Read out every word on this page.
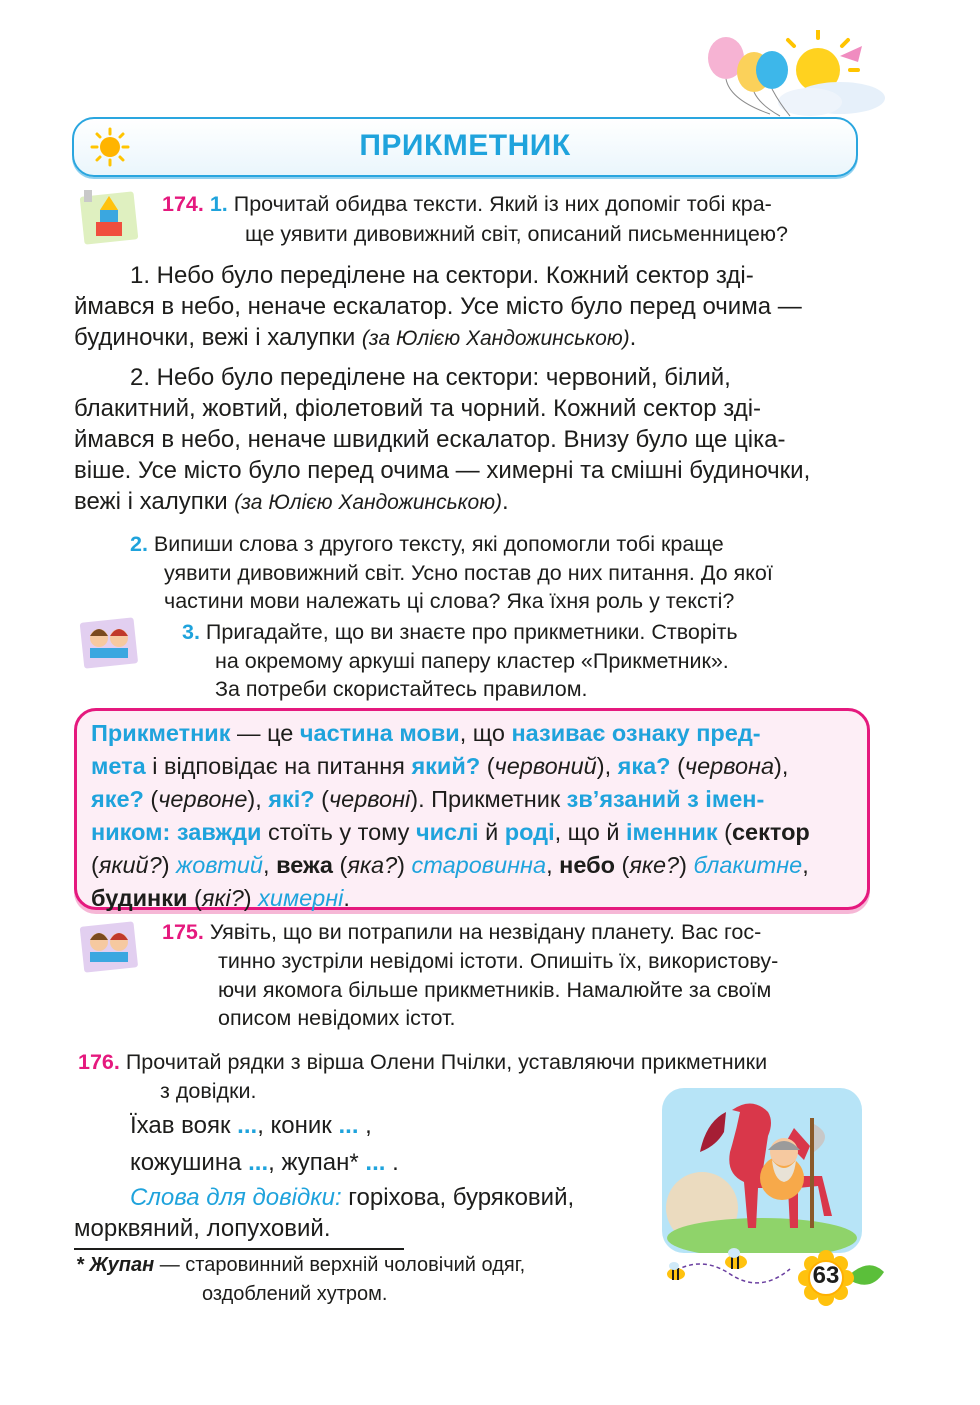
ПРИКМЕТНИК
174. 1. Прочитай обидва тексти. Який із них допоміг тобі кра-
ще уявити дивовижний світ, описаний письменницею?
1. Небо було переділене на сектори. Кожний сектор зді-
ймався в небо, неначе ескалатор. Усе місто було перед очима —
будиночки, вежі і халупки (за Юлією Хандожинською).
2. Небо було переділене на сектори: червоний, білий,
блакитний, жовтий, фіолетовий та чорний. Кожний сектор зді-
ймався в небо, неначе швидкий ескалатор. Внизу було ще ціка-
віше. Усе місто було перед очима — химерні та смішні будиночки,
вежі і халупки (за Юлією Хандожинською).
2. Випиши слова з другого тексту, які допомогли тобі краще
уявити дивовижний світ. Усно постав до них питання. До якої
частини мови належать ці слова? Яка їхня роль у тексті?
3. Пригадайте, що ви знаєте про прикметники. Створіть
на окремому аркуші паперу кластер «Прикметник».
За потреби скористайтесь правилом.
Прикметник — це частина мови, що називає ознаку пред-
мета і відповідає на питання який? (червоний), яка? (червона),
яке? (червоне), які? (червоні). Прикметник зв’язаний з імен-
ником: завжди стоїть у тому числі й роді, що й іменник (сектор
(який?) жовтий, вежа (яка?) старовинна, небо (яке?) блакитне,
будинки (які?) химерні.
175. Уявіть, що ви потрапили на незвідану планету. Вас гос-
тинно зустріли невідомі істоти. Опишіть їх, використову-
ючи якомога більше прикметників. Намалюйте за своїм
описом невідомих істот.
176. Прочитай рядки з вірша Олени Пчілки, уставляючи прикметники
з довідки.
Їхав вояк ..., коник ... ,
кожушина ..., жупан* ... .
Слова для довідки: горіхова, буряковий,
морквяний, лопуховий.
* Жупан — старовинний верхній чоловічий одяг,
оздоблений хутром.
63
